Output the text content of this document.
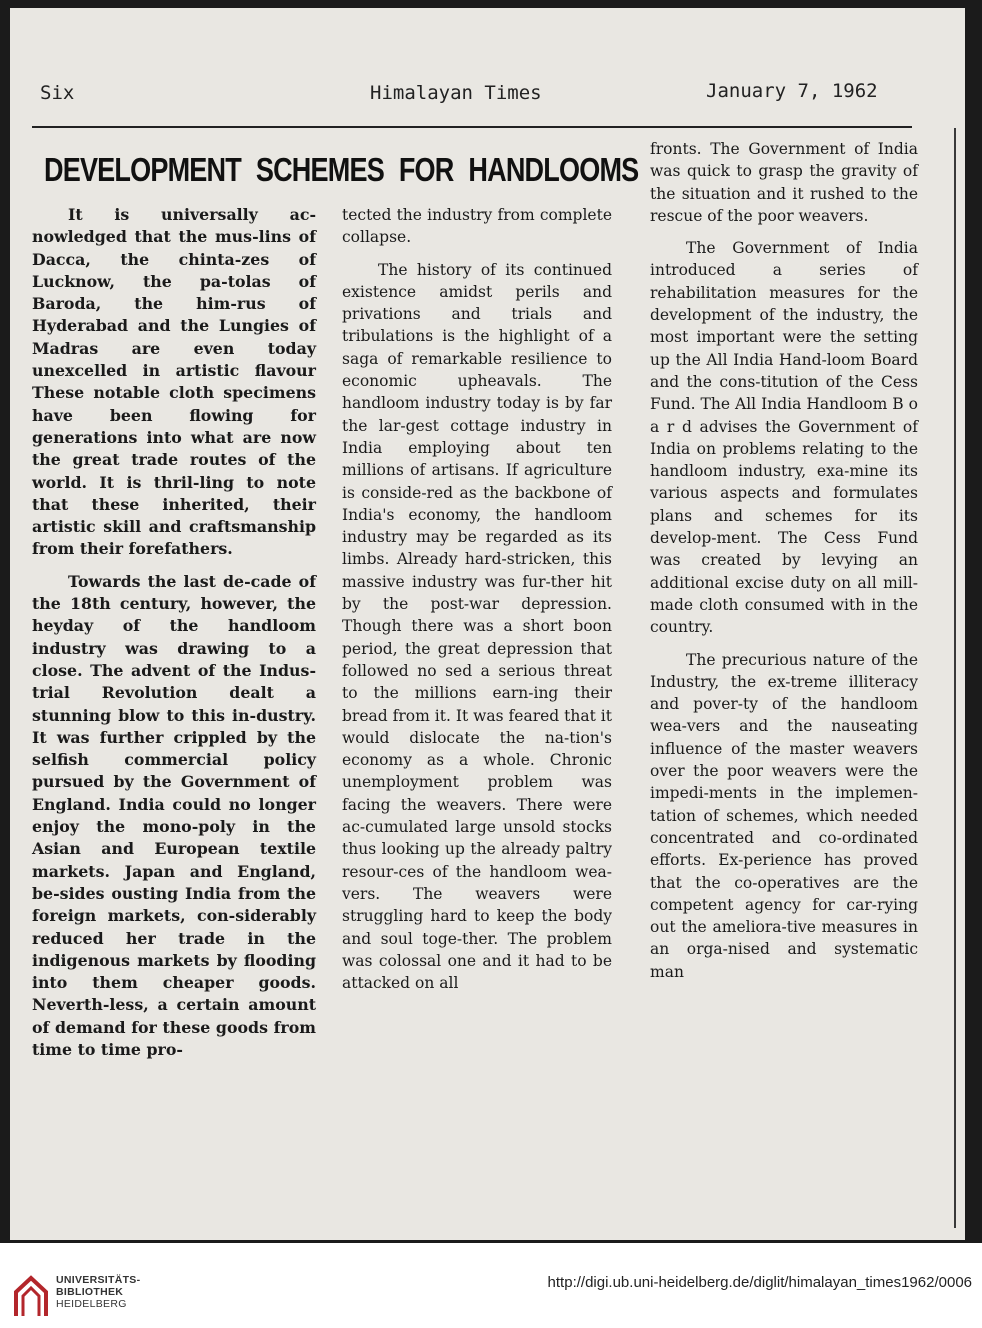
Six	Himalayan Times	January 7, 1962
DEVELOPMENT SCHEMES FOR HANDLOOMS

It is universally ac-nowledged that the mus-lins of Dacca, the chinta-zes of Lucknow, the pa-tolas of Baroda, the him-rus of Hyderabad and the Lungies of Madras are even today unexcelled in artistic flavour These notable cloth specimens have been flowing for generations into what are now the great trade routes of the world. It is thril-ling to note that these inherited, their artistic skill and craftsmanship from their forefathers.

Towards the last de-cade of the 18th century, however, the heyday of the handloom industry was drawing to a close. The advent of the Indus-trial Revolution dealt a stunning blow to this in-dustry. It was further crippled by the selfish commercial policy pursued by the Government of England. India could no longer enjoy the mono-poly in the Asian and European textile markets. Japan and England, be-sides ousting India from the foreign markets, con-siderably reduced her trade in the indigenous markets by flooding into them cheaper goods. Neverth-less, a certain amount of demand for these goods from time to time pro-

tected the industry from complete collapse.

The history of its continued existence amidst perils and privations and trials and tribulations is the highlight of a saga of remarkable resilience to economic upheavals. The handloom industry today is by far the lar-gest cottage industry in India employing about ten millions of artisans. If agriculture is conside-red as the backbone of India's economy, the handloom industry may be regarded as its limbs. Already hard-stricken, this massive industry was fur-ther hit by the post-war depression. Though there was a short boon period, the great depression that followed no sed a serious threat to the millions earn-ing their bread from it. It was feared that it would dislocate the na-tion's economy as a whole. Chronic unemployment problem was facing the weavers. There were ac-cumulated large unsold stocks thus looking up the already paltry resour-ces of the handloom wea-vers. The weavers were struggling hard to keep the body and soul toge-ther. The problem was colossal one and it had to be attacked on all

fronts. The Government of India was quick to grasp the gravity of the situation and it rushed to the rescue of the poor weavers.

The Government of India introduced a series of rehabilitation measures for the development of the industry, the most important were the setting up the All India Hand-loom Board and the cons-titution of the Cess Fund. The All India Handloom B o a r d advises the Government of India on problems relating to the handloom industry, exa-mine its various aspects and formulates plans and schemes for its develop-ment. The Cess Fund was created by levying an additional excise duty on all mill-made cloth consumed with in the country.

The precurious nature of the Industry, the ex-treme illiteracy and pover-ty of the handloom wea-vers and the nauseating influence of the master weavers over the poor weavers were the impedi-ments in the implemen-tation of schemes, which needed concentrated and co-ordinated efforts. Ex-perience has proved that the co-operatives are the competent agency for car-rying out the ameliora-tive measures in an orga-nised and systematic man

UNIVERSITÄTS-
BIBLIOTHEK
HEIDELBERG
http://digi.ub.uni-heidelberg.de/diglit/himalayan_times1962/0006
